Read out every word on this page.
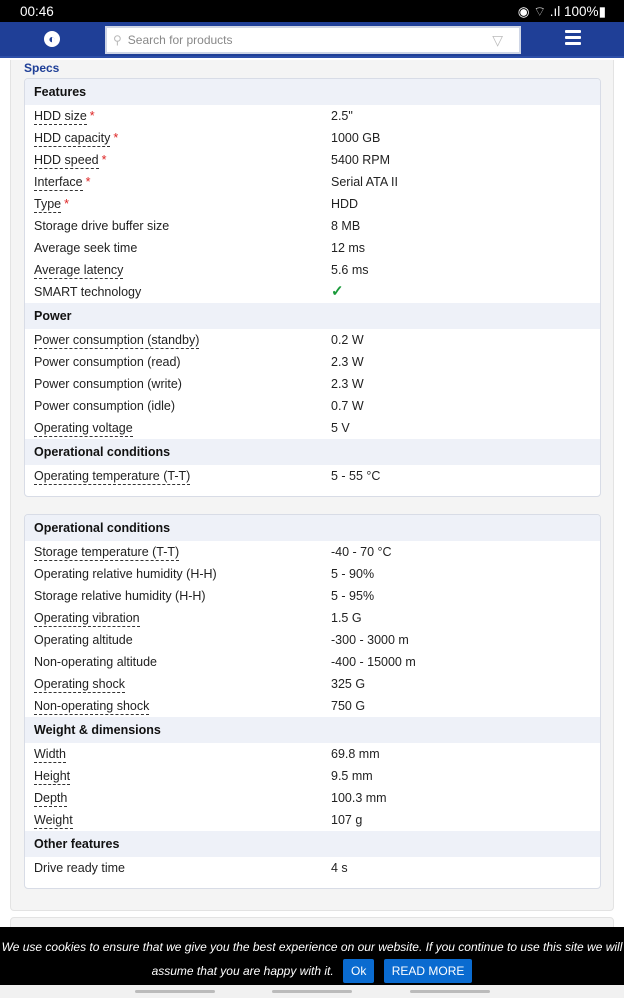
00:46	◉ ⌔ .ıl 100%▮
◐	⚲ Search for products	▽
Specs
Features
HDD size *	2.5"
HDD capacity *	1000 GB
HDD speed *	5400 RPM
Interface *	Serial ATA II
Type *	HDD
Storage drive buffer size	8 MB
Average seek time	12 ms
Average latency	5.6 ms
SMART technology	✓
Power
Power consumption (standby)	0.2 W
Power consumption (read)	2.3 W
Power consumption (write)	2.3 W
Power consumption (idle)	0.7 W
Operating voltage	5 V
Operational conditions
Operating temperature (T-T)	5 - 55 °C
Operational conditions
Storage temperature (T-T)	-40 - 70 °C
Operating relative humidity (H-H)	5 - 90%
Storage relative humidity (H-H)	5 - 95%
Operating vibration	1.5 G
Operating altitude	-300 - 3000 m
Non-operating altitude	-400 - 15000 m
Operating shock	325 G
Non-operating shock	750 G
Weight & dimensions
Width	69.8 mm
Height	9.5 mm
Depth	100.3 mm
Weight	107 g
Other features
Drive ready time	4 s
We use cookies to ensure that we give you the best experience on our website. If you continue to use this site we will assume that you are happy with it. Ok READ MORE
